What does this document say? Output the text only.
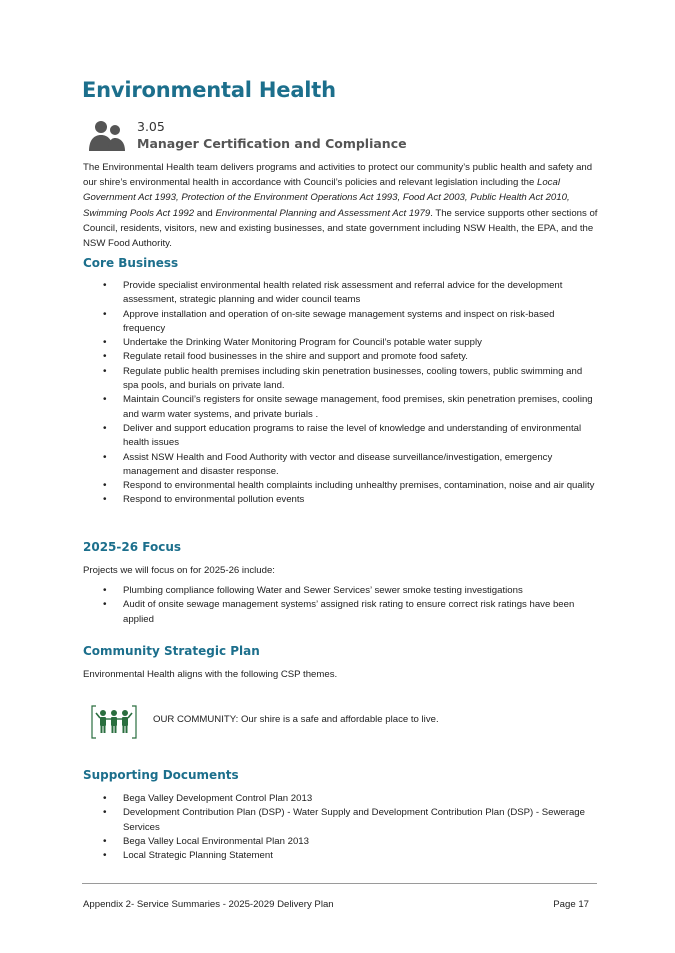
Environmental Health
3.05
Manager Certification and Compliance

The Environmental Health team delivers programs and activities to protect our community’s public health and safety and our shire’s environmental health in accordance with Council’s policies and relevant legislation including the Local Government Act 1993, Protection of the Environment Operations Act 1993, Food Act 2003, Public Health Act 2010, Swimming Pools Act 1992 and Environmental Planning and Assessment Act 1979. The service supports other sections of Council, residents, visitors, new and existing businesses, and state government including NSW Health, the EPA, and the NSW Food Authority.

Core Business
• Provide specialist environmental health related risk assessment and referral advice for the development assessment, strategic planning and wider council teams
• Approve installation and operation of on-site sewage management systems and inspect on risk-based frequency
• Undertake the Drinking Water Monitoring Program for Council’s potable water supply
• Regulate retail food businesses in the shire and support and promote food safety.
• Regulate public health premises including skin penetration businesses, cooling towers, public swimming and spa pools, and burials on private land.
• Maintain Council’s registers for onsite sewage management, food premises, skin penetration premises, cooling and warm water systems, and private burials .
• Deliver and support education programs to raise the level of knowledge and understanding of environmental health issues
• Assist NSW Health and Food Authority with vector and disease surveillance/investigation, emergency management and disaster response.
• Respond to environmental health complaints including unhealthy premises, contamination, noise and air quality
• Respond to environmental pollution events
2025-26 Focus

Projects we will focus on for 2025-26 include:

• Plumbing compliance following Water and Sewer Services’ sewer smoke testing investigations
• Audit of onsite sewage management systems’ assigned risk rating to ensure correct risk ratings have been applied
Community Strategic Plan

Environmental Health aligns with the following CSP themes.

OUR COMMUNITY: Our shire is a safe and affordable place to live.
Supporting Documents
• Bega Valley Development Control Plan 2013
• Development Contribution Plan (DSP) - Water Supply and Development Contribution Plan (DSP) - Sewerage Services
• Bega Valley Local Environmental Plan 2013
• Local Strategic Planning Statement
Appendix 2- Service Summaries - 2025-2029 Delivery Plan	Page 17
